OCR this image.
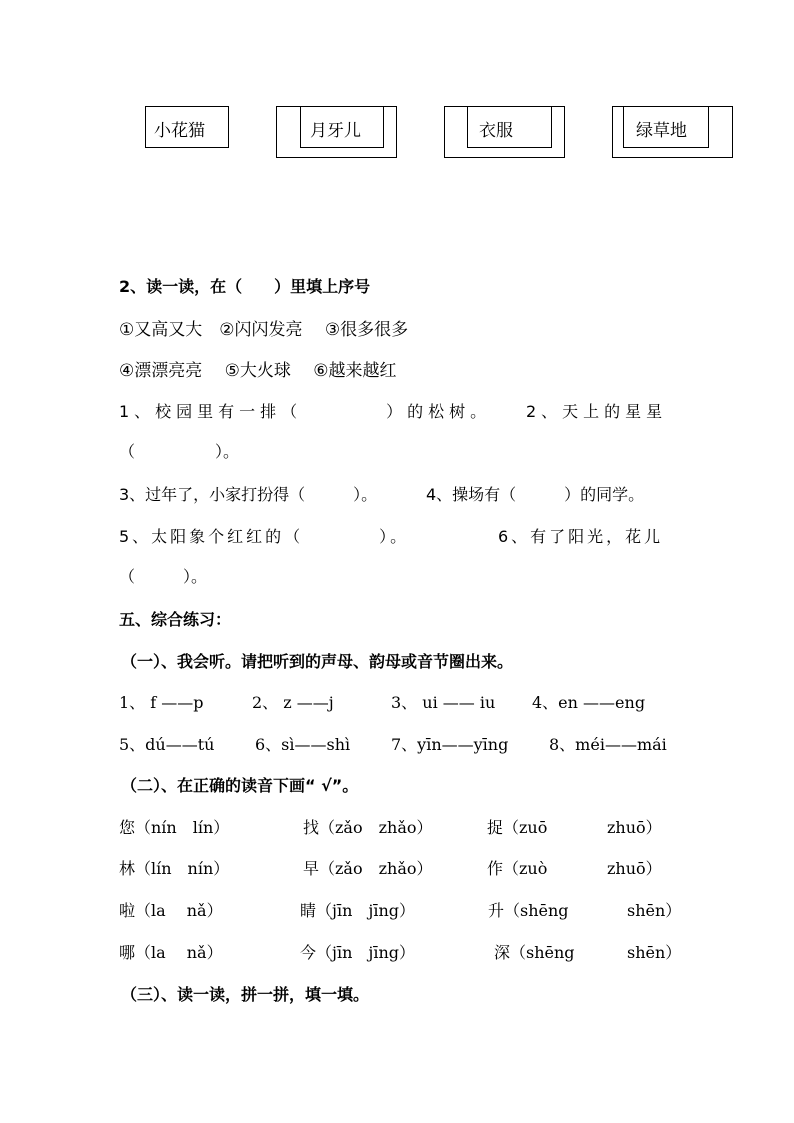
小花猫	月牙儿	衣服	绿草地
2、读一读，在（　　）里填上序号
①又高又大　②闪闪发亮　 ③很多很多
④漂漂亮亮　 ⑤大火球　 ⑥越来越红
1、校园里有一排（　　　　）的松树。 2、天上的星星
（　　　　　）。
3、过年了，小家打扮得（　　　）。	4、操场有（　　　）的同学。
5、太阳象个红红的（　　　　）。	6、有了阳光，花儿
（　　　）。
五、综合练习：
（一）、我会听。请把听到的声母、韵母或音节圈出来。
1、 f ——p	2、 z ——j	3、 ui —— iu 4、en ——eng
5、dú——tú	6、sì——shì	7、yīn——yīng	8、méi——mái
（二）、在正确的读音下画“ √”。
您（nín　lín）	找（zǎo　zhǎo）	捉（zuō	zhuō）
林（lín　nín）	早（zǎo　zhǎo）	作（zuò	zhuō）
啦（la　 nǎ）	睛（jīn　jīng）	升（shēng	shēn）
哪（la　 nǎ）	今（jīn　jīng）	深（shēng	shēn）
（三）、读一读，拼一拼，填一填。
